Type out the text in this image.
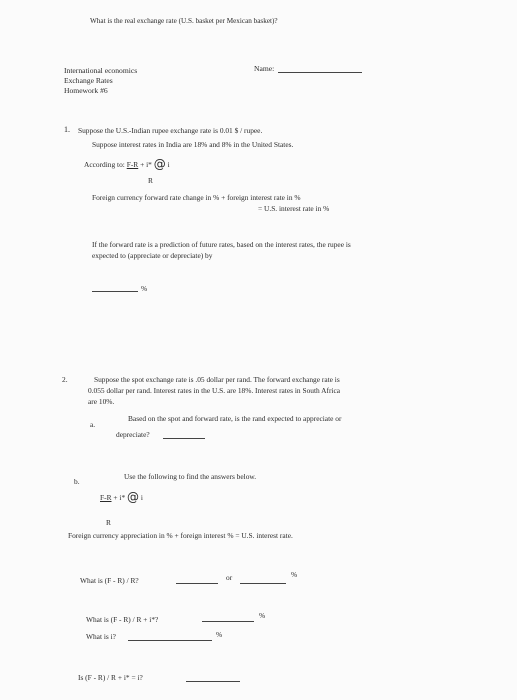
What is the real exchange rate (U.S. basket per Mexican basket)?
International economics
Exchange Rates
Homework #6
Name:
1. Suppose the U.S.-Indian rupee exchange rate is 0.01 $ / rupee.
Suppose interest rates in India are 18% and 8% in the United States.
According to: F-R + i* @ i
R
Foreign currency forward rate change in % + foreign interest rate in %
= U.S. interest rate in %
If the forward rate is a prediction of future rates, based on the interest rates, the rupee is
expected to (appreciate or depreciate) by
%
2.	Suppose the spot exchange rate is .05 dollar per rand. The forward exchange rate is
0.055 dollar per rand. Interest rates in the U.S. are 18%. Interest rates in South Africa
are 10%.
a.
Based on the spot and forward rate, is the rand expected to appreciate or
depreciate?
b.
Use the following to find the answers below.
F-R + i* @ i
R
Foreign currency appreciation in % + foreign interest % = U.S. interest rate.
What is (F - R) / R?	or	%
What is (F - R) / R + i*?	%
What is i?	%
Is (F - R) / R + i* = i?
